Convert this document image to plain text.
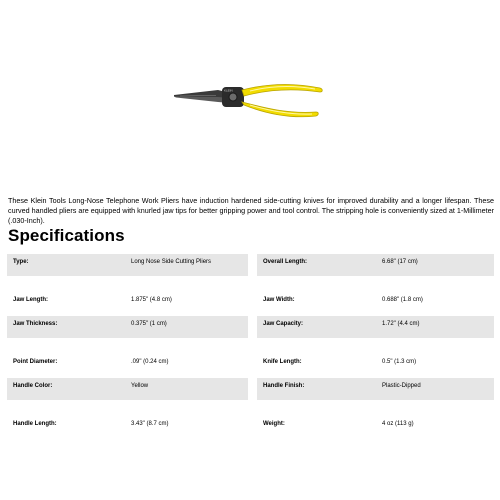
KLEIN

These Klein Tools Long-Nose Telephone Work Pliers have induction hardened side-cutting knives for improved durability and a longer lifespan. These curved handled pliers are equipped with knurled jaw tips for better gripping power and tool control. The stripping hole is conveniently sized at 1-Millimeter (.030-Inch).

Specifications
Type:	Long Nose Side Cutting Pliers	Overall Length:	6.68" (17 cm)
Jaw Length:	1.875" (4.8 cm)	Jaw Width:	0.688" (1.8 cm)
Jaw Thickness:	0.375" (1 cm)	Jaw Capacity:	1.72" (4.4 cm)
Point Diameter:	.09" (0.24 cm)	Knife Length:	0.5" (1.3 cm)
Handle Color:	Yellow	Handle Finish:	Plastic-Dipped
Handle Length:	3.43" (8.7 cm)	Weight:	4 oz (113 g)
